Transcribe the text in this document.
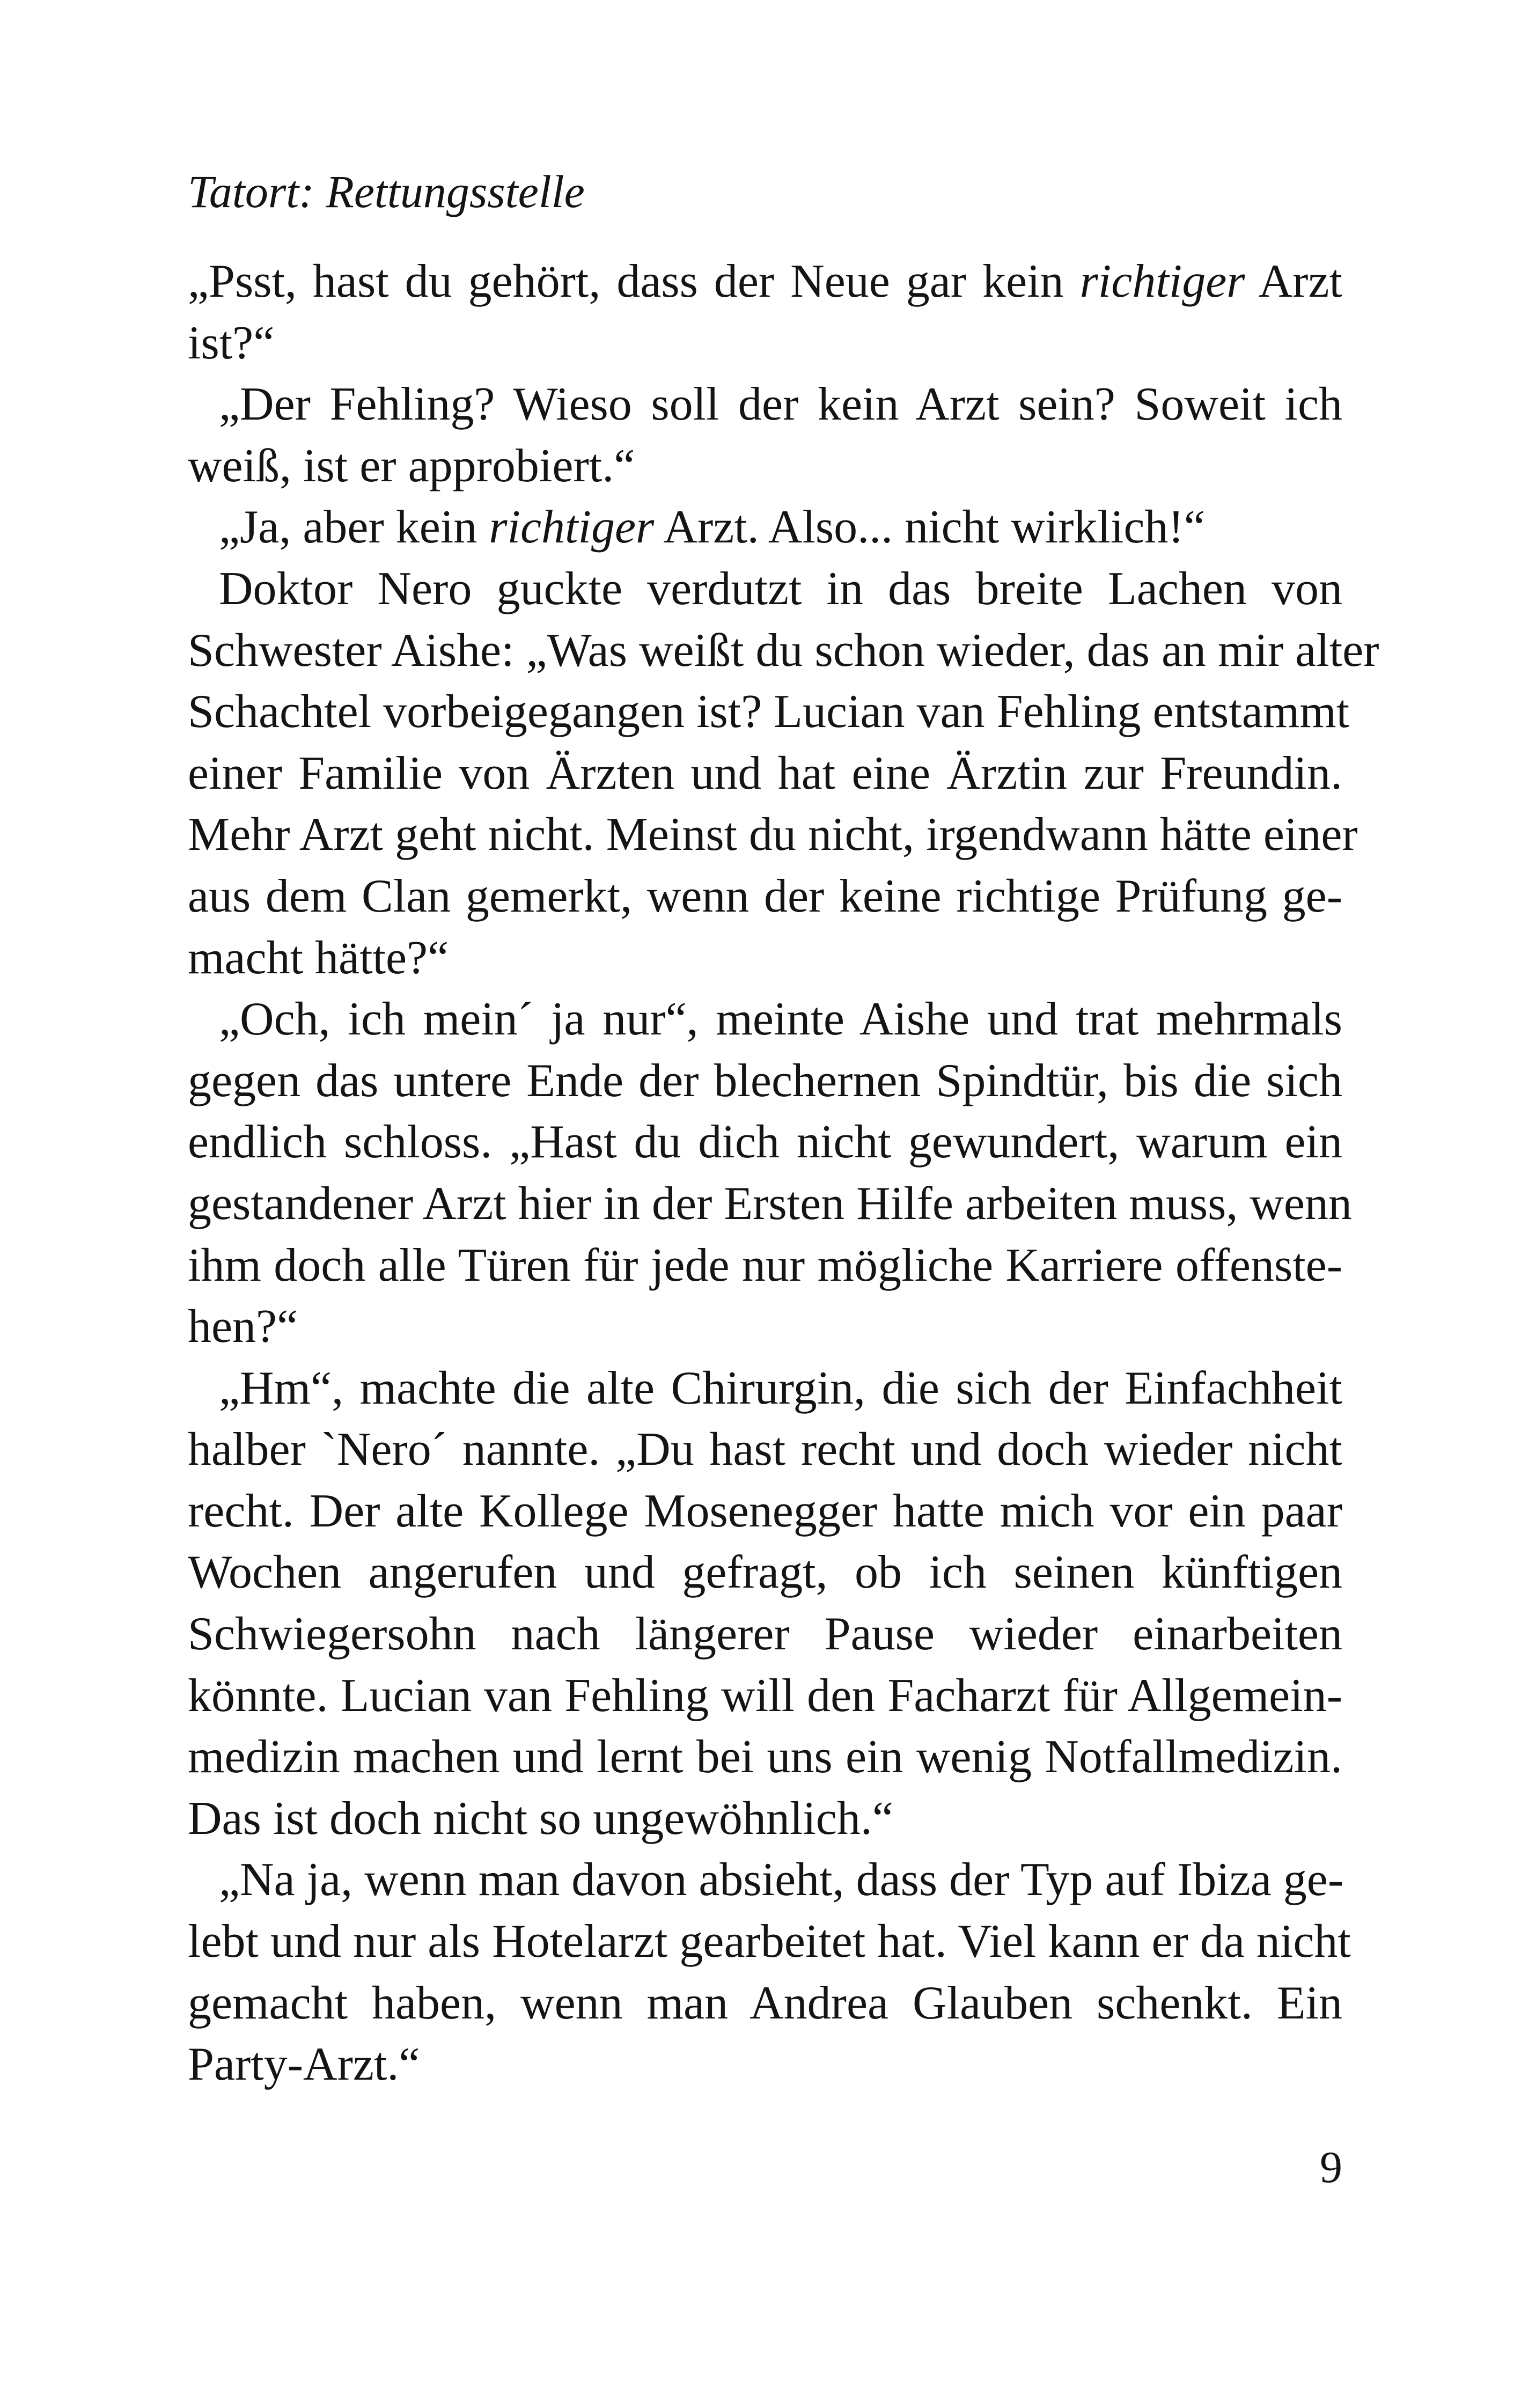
Tatort: Rettungsstelle
„Psst, hast du gehört, dass der Neue gar kein richtiger Arzt
ist?“
„Der Fehling? Wieso soll der kein Arzt sein? Soweit ich
weiß, ist er approbiert.“
„Ja, aber kein richtiger Arzt. Also... nicht wirklich!“
Doktor Nero guckte verdutzt in das breite Lachen von
Schwester Aishe: „Was weißt du schon wieder, das an mir alter
Schachtel vorbeigegangen ist? Lucian van Fehling entstammt
einer Familie von Ärzten und hat eine Ärztin zur Freundin.
Mehr Arzt geht nicht. Meinst du nicht, irgendwann hätte einer
aus dem Clan gemerkt, wenn der keine richtige Prüfung ge-
macht hätte?“
„Och, ich mein´ ja nur“, meinte Aishe und trat mehrmals
gegen das untere Ende der blechernen Spindtür, bis die sich
endlich schloss. „Hast du dich nicht gewundert, warum ein
gestandener Arzt hier in der Ersten Hilfe arbeiten muss, wenn
ihm doch alle Türen für jede nur mögliche Karriere offenste-
hen?“
„Hm“, machte die alte Chirurgin, die sich der Einfachheit
halber `Nero´ nannte. „Du hast recht und doch wieder nicht
recht. Der alte Kollege Mosenegger hatte mich vor ein paar
Wochen angerufen und gefragt, ob ich seinen künftigen
Schwiegersohn nach längerer Pause wieder einarbeiten
könnte. Lucian van Fehling will den Facharzt für Allgemein-
medizin machen und lernt bei uns ein wenig Notfallmedizin.
Das ist doch nicht so ungewöhnlich.“
„Na ja, wenn man davon absieht, dass der Typ auf Ibiza ge-
lebt und nur als Hotelarzt gearbeitet hat. Viel kann er da nicht
gemacht haben, wenn man Andrea Glauben schenkt. Ein
Party-Arzt.“
9
